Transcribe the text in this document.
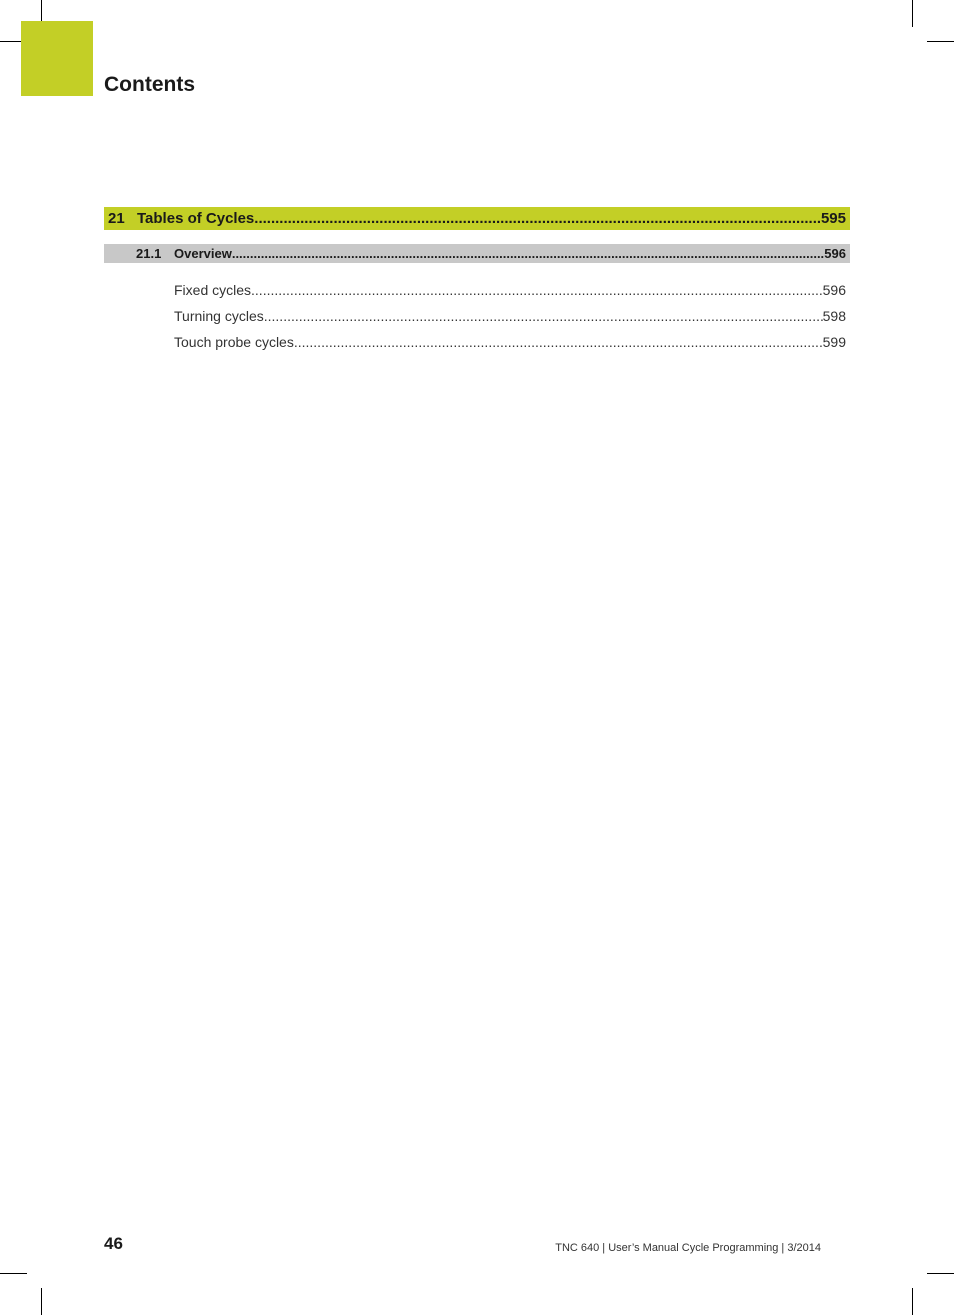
Contents
21 Tables of Cycles .....	595
21.1 Overview .....	596
Fixed cycles .....	596
Turning cycles .....	598
Touch probe cycles .....	599
46	TNC 640 | User’s Manual Cycle Programming | 3/2014
